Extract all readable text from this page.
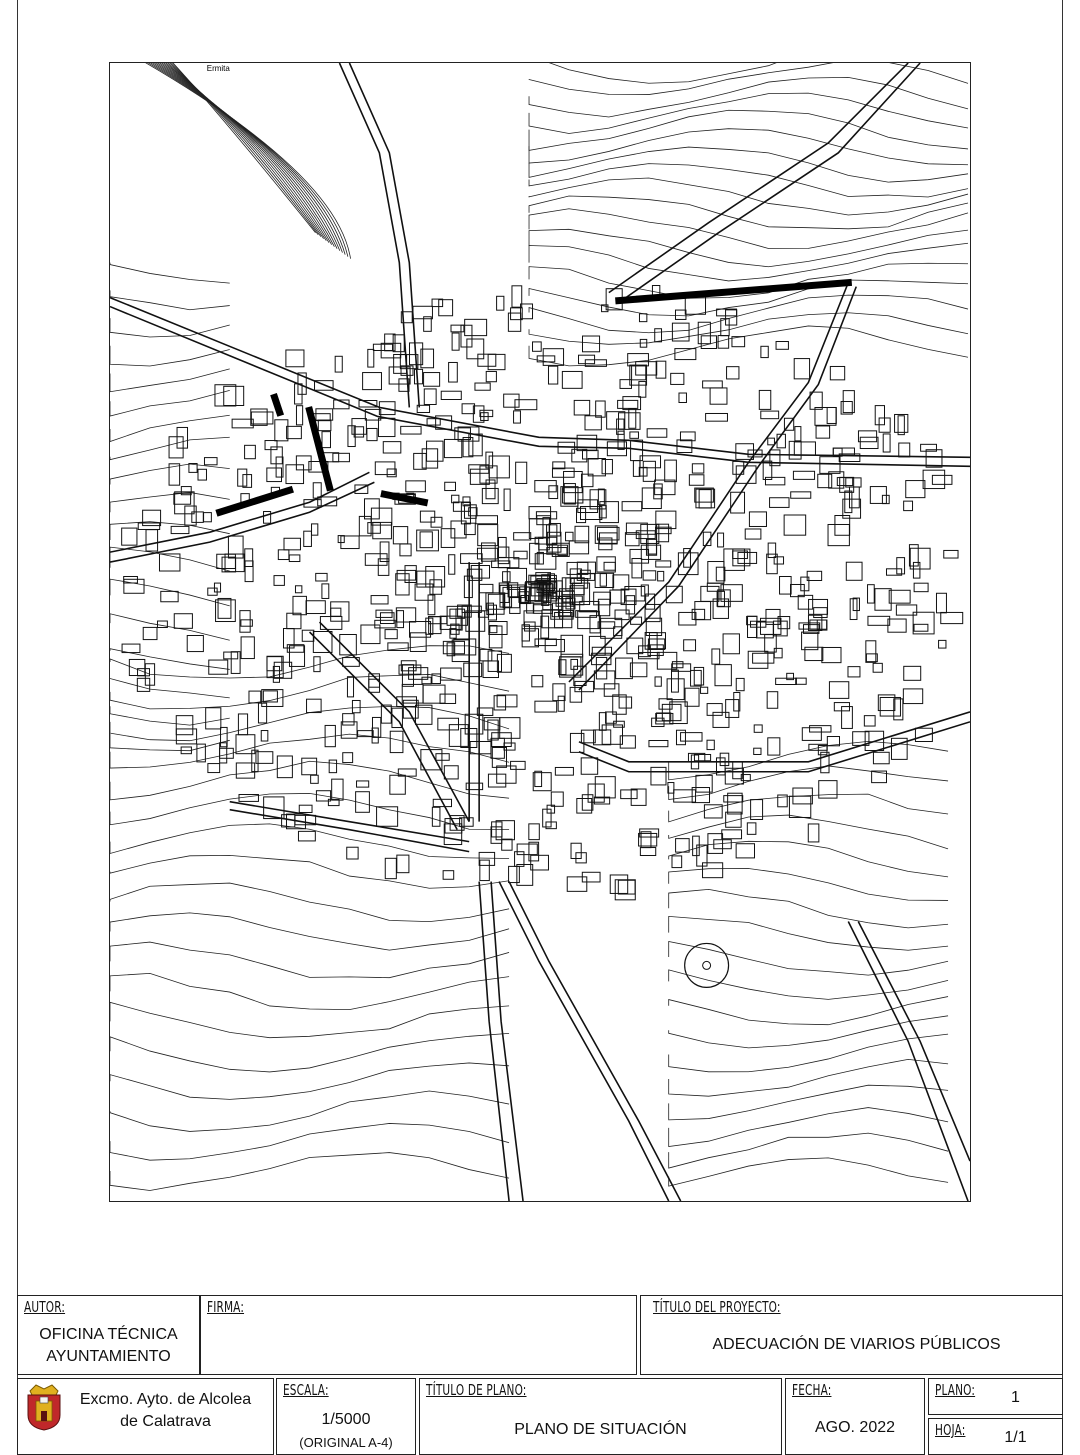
Ermita
AUTOR:
OFICINA TÉCNICA
AYUNTAMIENTO
FIRMA:	TÍTULO DEL PROYECTO:
ADECUACIÓN DE VIARIOS PÚBLICOS
Excmo. Ayto. de Alcolea
de Calatrava
ESCALA:
1/5000
(ORIGINAL A-4)
TÍTULO DE PLANO:
PLANO DE SITUACIÓN
FECHA:
AGO. 2022
PLANO:	1
HOJA:	1/1
